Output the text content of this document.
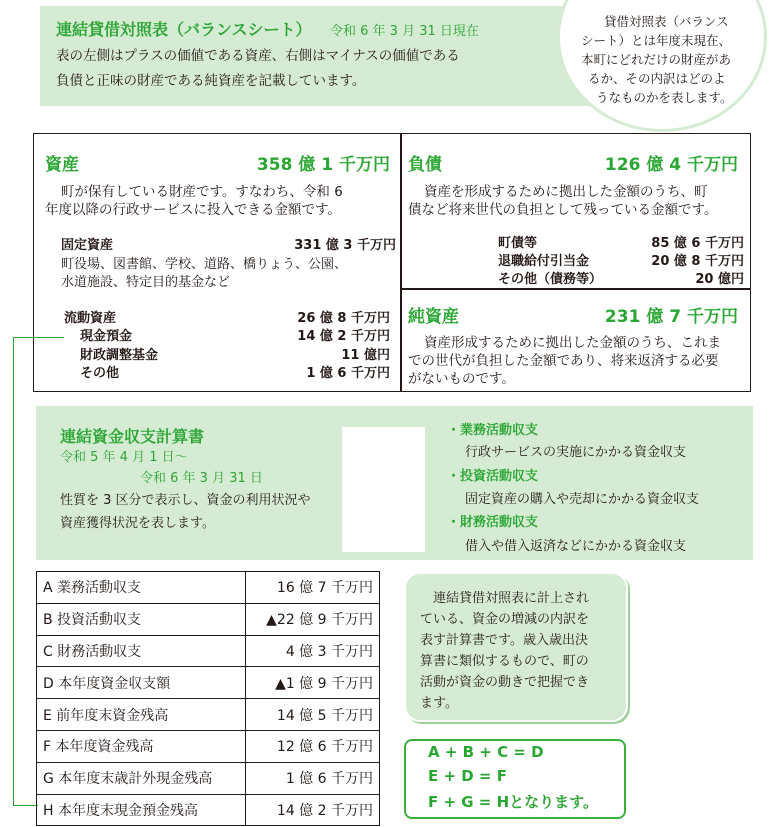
連結貸借対照表（バランスシート） 令和 6 年 3 月 31 日現在
表の左側はプラスの価値である資産、右側はマイナスの価値である
負債と正味の財産である純資産を記載しています。
貸借対照表（バランス
シート）とは年度末現在、
本町にどれだけの財産があ
るか、その内訳はどのよ
うなものかを表します。
資産	358 億 1 千万円
町が保有している財産です。すなわち、令和 6
年度以降の行政サービスに投入できる金額です。
固定資産	331 億 3 千万円
町役場、図書館、学校、道路、橋りょう、公園、
水道施設、特定目的基金など
流動資産	26 億 8 千万円
現金預金	14 億 2 千万円
財政調整基金	11 億円
その他	1 億 6 千万円
負債	126 億 4 千万円
資産を形成するために拠出した金額のうち、町
債など将来世代の負担として残っている金額です。
町債等	85 億 6 千万円
退職給付引当金	20 億 8 千万円
その他（債務等）	20 億円
純資産	231 億 7 千万円
資産形成するために拠出した金額のうち、これま
での世代が負担した金額であり、将来返済する必要
がないものです。
連結資金収支計算書
令和 5 年 4 月 1 日〜
令和 6 年 3 月 31 日
性質を 3 区分で表示し、資金の利用状況や
資産獲得状況を表します。
・業務活動収支
行政サービスの実施にかかる資金収支
・投資活動収支
固定資産の購入や売却にかかる資金収支
・財務活動収支
借入や借入返済などにかかる資金収支
A 業務活動収支	16 億 7 千万円
B 投資活動収支	▲22 億 9 千万円
C 財務活動収支	4 億 3 千万円
D 本年度資金収支額	▲1 億 9 千万円
E 前年度末資金残高	14 億 5 千万円
F 本年度資金残高	12 億 6 千万円
G 本年度末歳計外現金残高	1 億 6 千万円
H 本年度末現金預金残高	14 億 2 千万円
連結貸借対照表に計上され
ている、資金の増減の内訳を
表す計算書です。歳入歳出決
算書に類似するもので、町の
活動が資金の動きで把握でき
ます。
A + B + C = D
E + D = F
F + G = Hとなります。
